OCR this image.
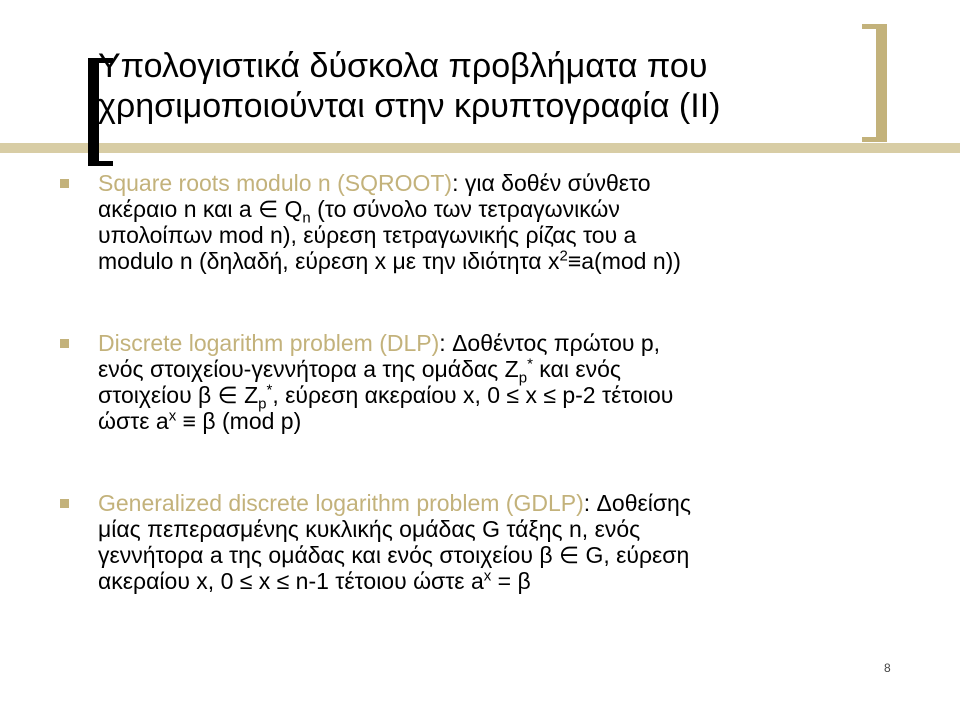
Υπολογιστικά δύσκολα προβλήματα που
χρησιμοποιούνται στην κρυπτογραφία (ΙΙ)
Square roots modulo n (SQROOT): για δοθέν σύνθετο
ακέραιο n και a ∈ $Q_n$ (το σύνολο των τετραγωνικών
υπολοίπων mod n), εύρεση τετραγωνικής ρίζας του a
modulo n (δηλαδή, εύρεση x με την ιδιότητα $x^2\equiv a(mod$ n))
Discrete logarithm problem (DLP): Δοθέντος πρώτου p,
ενός στοιχείου-γεννήτορα a της ομάδας $Z_p^*$ και ενός
στοιχείου β ∈ $Z_p^*$, εύρεση ακεραίου x, 0 ≤ x ≤ p-2 τέτοιου
ώστε $a^x \equiv \beta$ (mod p)
Generalized discrete logarithm problem (GDLP): Δοθείσης
μίας πεπερασμένης κυκλικής ομάδας G τάξης n, ενός
γεννήτορα a της ομάδας και ενός στοιχείου β ∈ G, εύρεση
ακεραίου x, 0 ≤ x ≤ n-1 τέτοιου ώστε $a^x = \beta$
8
